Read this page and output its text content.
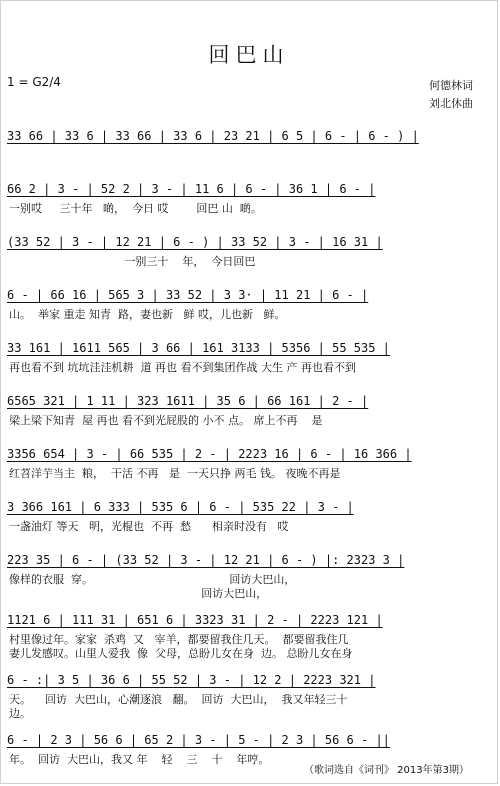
回巴山
1 = G2/4	何德林词
刘北休曲
33 66 | 33 6 | 33 66 | 33 6 | 23 21 | 6 5 | 6 - | 6 - ) |
66 2 | 3 - | 52 2 | 3 - | 11 6 | 6 - | 36 1 | 6 - |
一别哎     三十年   啲，  今日 哎        回巴 山  啲。
(33 52 | 3 - | 12 21 | 6 - ) | 33 52 | 3 - | 16 31 |
一别三十    年，  今日回巴
6 - | 66 16 | 565 3 | 33 52 | 3 3· | 11 21 | 6 - |
山。  举家 重走 知青  路，妻也新   鲜 哎，儿也新   鲜。
33 161 | 1611 565 | 3 66 | 161 3133 | 5356 | 55 535 |
再也看不到 坑坑洼洼机耕  道 再也 看不到集团作战 大生 产 再也看不到
6565 321 | 1 11 | 323 1611 | 35 6 | 66 161 | 2 - |
梁上梁下知青  屋 再也 看不到光屁股的 小不 点。 席上不再    是
3356 654 | 3 - | 66 535 | 2 - | 2223 16 | 6 - | 16 366 |
红苕洋芋当主  粮，  干活 不再   是  一天只挣 两毛 钱。 夜晚不再是
3 366 161 | 6 333 | 535 6 | 6 - | 535 22 | 3 - |
一盏油灯 等天   明，光棍也  不再  愁      相亲时没有   哎
223 35 | 6 - | (33 52 | 3 - | 12 21 | 6 - ) |: 2323 3 |
像样的衣服  穿。                                       回访大巴山，
回访大巴山，
1121 6 | 111 31 | 651 6 | 3323 31 | 2 - | 2223 121 |
村里像过年。家家  杀鸡  又   宰羊，都要留我住几天。  都要留我住几
妻儿发感叹。山里人爱我  像  父母，总盼儿女在身  边。 总盼儿女在身
6 - :| 3 5 | 36 6 | 55 52 | 3 - | 12 2 | 2223 321 |
天。    回访  大巴山，心潮逐浪   翻。  回访  大巴山，  我又年轻三十
边。
6 - | 2 3 | 56 6 | 65 2 | 3 - | 5 - | 2 3 | 56 6 - ||
年。  回访  大巴山，我又 年    轻    三    十    年哼。
（歌词选自《词刊》 2013年第3期）
